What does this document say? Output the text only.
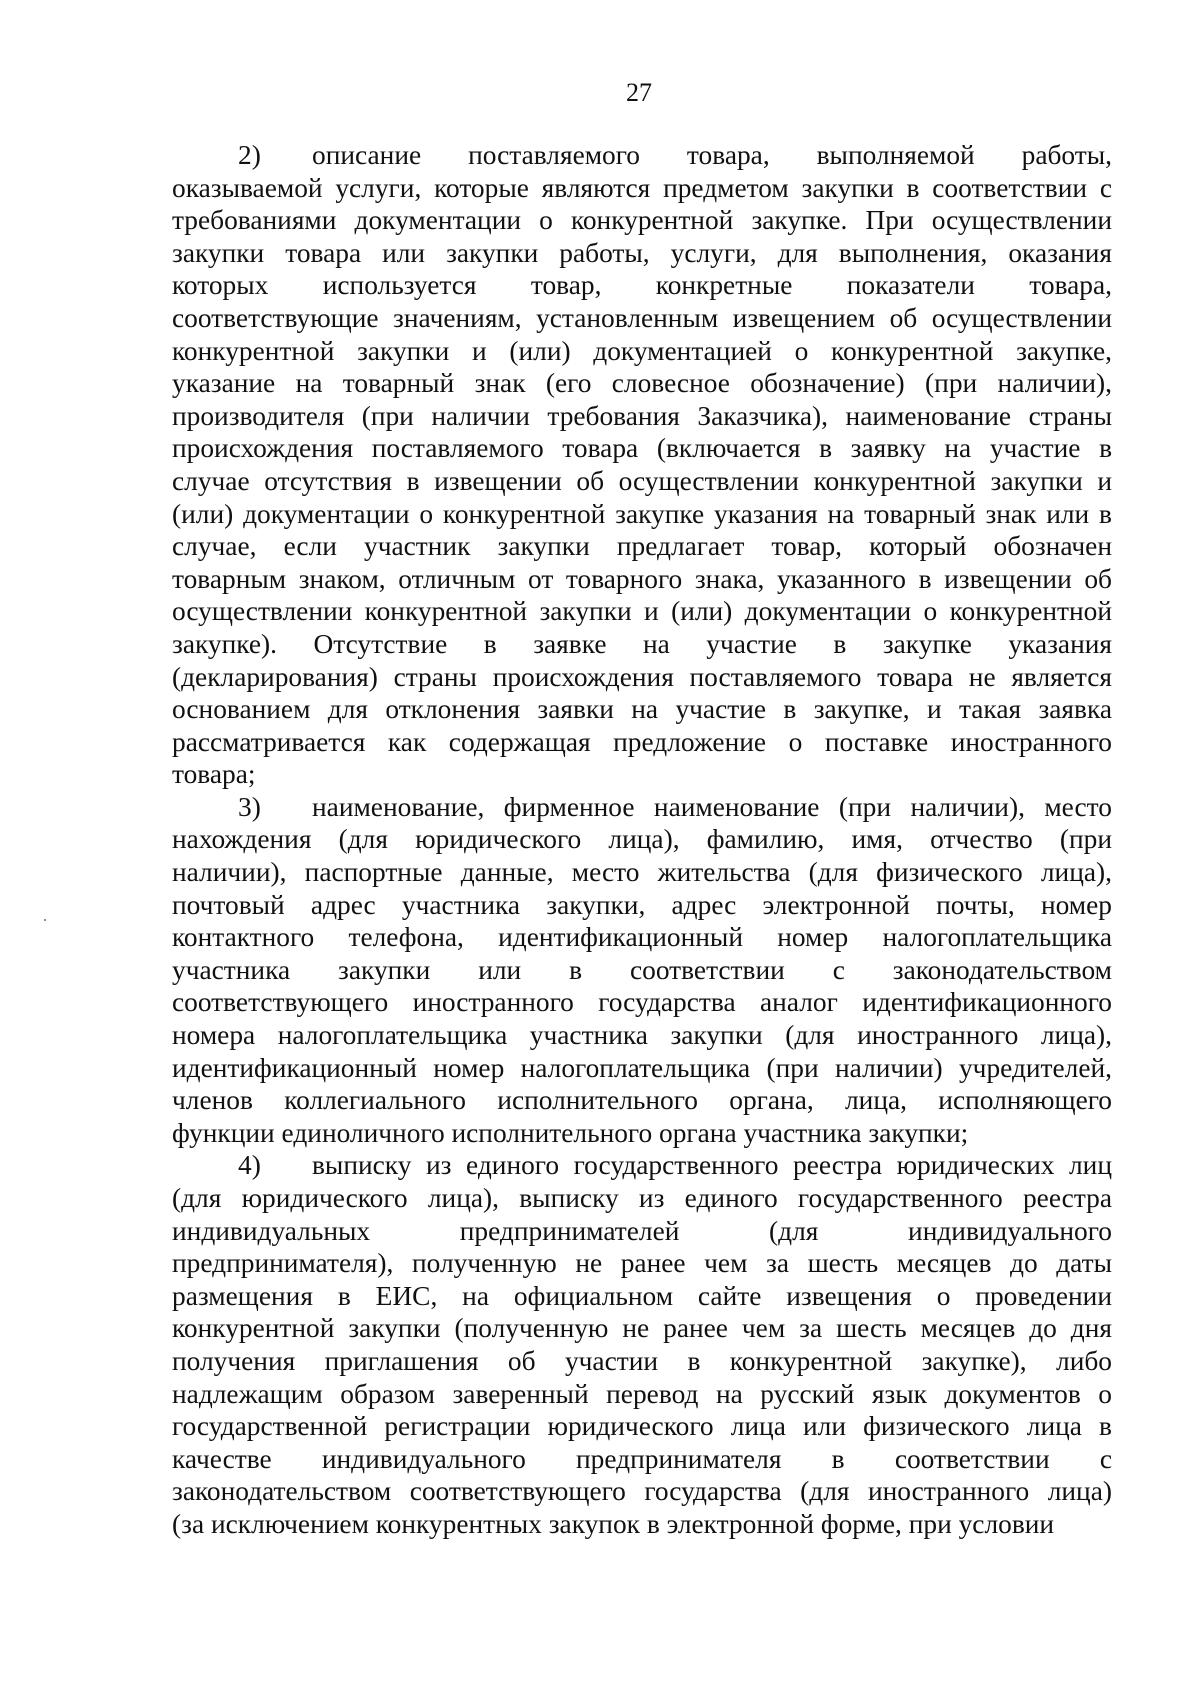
27
2) описание поставляемого товара, выполняемой работы,
оказываемой услуги, которые являются предметом закупки в соответствии с
требованиями документации о конкурентной закупке. При осуществлении
закупки товара или закупки работы, услуги, для выполнения, оказания
которых используется товар, конкретные показатели товара,
соответствующие значениям, установленным извещением об осуществлении
конкурентной закупки и (или) документацией о конкурентной закупке,
указание на товарный знак (его словесное обозначение) (при наличии),
производителя (при наличии требования Заказчика), наименование страны
происхождения поставляемого товара (включается в заявку на участие в
случае отсутствия в извещении об осуществлении конкурентной закупки и
(или) документации о конкурентной закупке указания на товарный знак или в
случае, если участник закупки предлагает товар, который обозначен
товарным знаком, отличным от товарного знака, указанного в извещении об
осуществлении конкурентной закупки и (или) документации о конкурентной
закупке). Отсутствие в заявке на участие в закупке указания
(декларирования) страны происхождения поставляемого товара не является
основанием для отклонения заявки на участие в закупке, и такая заявка
рассматривается как содержащая предложение о поставке иностранного
товара;
3) наименование, фирменное наименование (при наличии), место
нахождения (для юридического лица), фамилию, имя, отчество (при
наличии), паспортные данные, место жительства (для физического лица),
почтовый адрес участника закупки, адрес электронной почты, номер
контактного телефона, идентификационный номер налогоплательщика
участника закупки или в соответствии с законодательством
соответствующего иностранного государства аналог идентификационного
номера налогоплательщика участника закупки (для иностранного лица),
идентификационный номер налогоплательщика (при наличии) учредителей,
членов коллегиального исполнительного органа, лица, исполняющего
функции единоличного исполнительного органа участника закупки;
4) выписку из единого государственного реестра юридических лиц
(для юридического лица), выписку из единого государственного реестра
индивидуальных предпринимателей (для индивидуального
предпринимателя), полученную не ранее чем за шесть месяцев до даты
размещения в ЕИС, на официальном сайте извещения о проведении
конкурентной закупки (полученную не ранее чем за шесть месяцев до дня
получения приглашения об участии в конкурентной закупке), либо
надлежащим образом заверенный перевод на русский язык документов о
государственной регистрации юридического лица или физического лица в
качестве индивидуального предпринимателя в соответствии с
законодательством соответствующего государства (для иностранного лица)
(за исключением конкурентных закупок в электронной форме, при условии
